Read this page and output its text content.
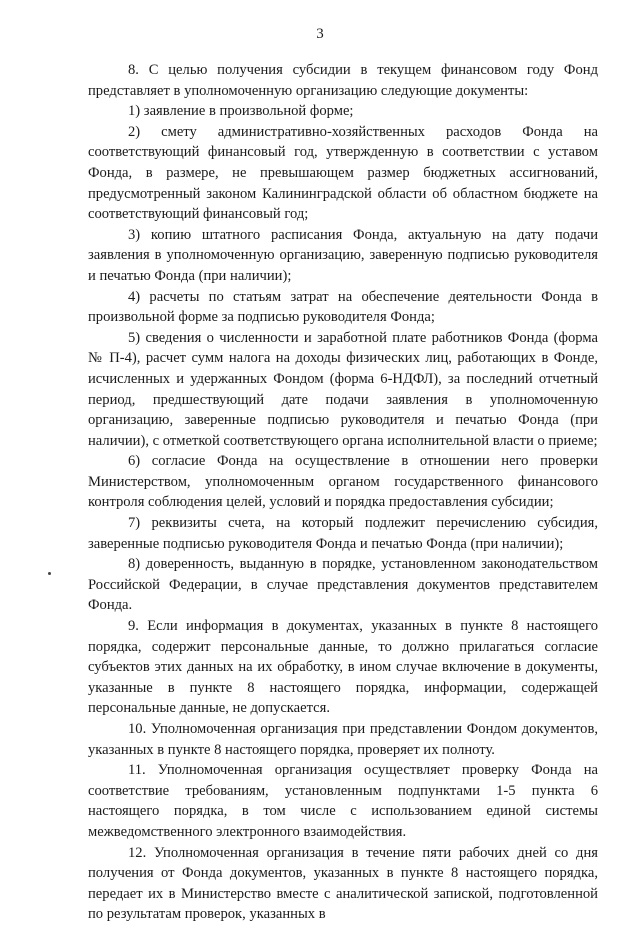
3

8. С целью получения субсидии в текущем финансовом году Фонд представляет в уполномоченную организацию следующие документы:

1) заявление в произвольной форме;

2) смету административно-хозяйственных расходов Фонда на соответствующий финансовый год, утвержденную в соответствии с уставом Фонда, в размере, не превышающем размер бюджетных ассигнований, предусмотренный законом Калининградской области об областном бюджете на соответствующий финансовый год;

3) копию штатного расписания Фонда, актуальную на дату подачи заявления в уполномоченную организацию, заверенную подписью руководителя и печатью Фонда (при наличии);

4) расчеты по статьям затрат на обеспечение деятельности Фонда в произвольной форме за подписью руководителя Фонда;

5) сведения о численности и заработной плате работников Фонда (форма № П-4), расчет сумм налога на доходы физических лиц, работающих в Фонде, исчисленных и удержанных Фондом (форма 6-НДФЛ), за последний отчетный период, предшествующий дате подачи заявления в уполномоченную организацию, заверенные подписью руководителя и печатью Фонда (при наличии), с отметкой соответствующего органа исполнительной власти о приеме;

6) согласие Фонда на осуществление в отношении него проверки Министерством, уполномоченным органом государственного финансового контроля соблюдения целей, условий и порядка предоставления субсидии;

7) реквизиты счета, на который подлежит перечислению субсидия, заверенные подписью руководителя Фонда и печатью Фонда (при наличии);

8) доверенность, выданную в порядке, установленном законодательством Российской Федерации, в случае представления документов представителем Фонда.

9. Если информация в документах, указанных в пункте 8 настоящего порядка, содержит персональные данные, то должно прилагаться согласие субъектов этих данных на их обработку, в ином случае включение в документы, указанные в пункте 8 настоящего порядка, информации, содержащей персональные данные, не допускается.

10. Уполномоченная организация при представлении Фондом документов, указанных в пункте 8 настоящего порядка, проверяет их полноту.

11. Уполномоченная организация осуществляет проверку Фонда на соответствие требованиям, установленным подпунктами 1-5 пункта 6 настоящего порядка, в том числе с использованием единой системы межведомственного электронного взаимодействия.

12. Уполномоченная организация в течение пяти рабочих дней со дня получения от Фонда документов, указанных в пункте 8 настоящего порядка, передает их в Министерство вместе с аналитической запиской, подготовленной по результатам проверок, указанных в
